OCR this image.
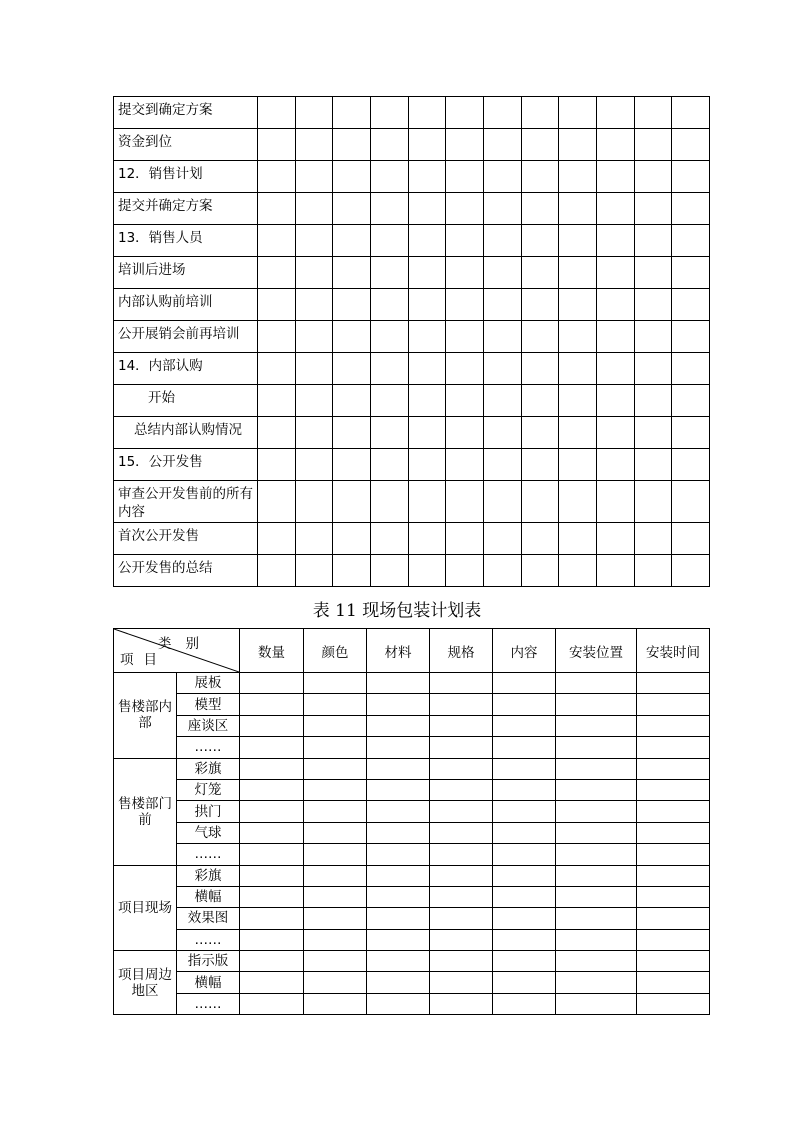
提交到确定方案												
资金到位												
12．销售计划												
提交并确定方案												
13．销售人员												
培训后进场												
内部认购前培训												
公开展销会前再培训												
14．内部认购												
开始												
总结内部认购情况												
15．公开发售												
审查公开发售前的所有内容												
首次公开发售												
公开发售的总结												
表 11 现场包装计划表
类别
项目		数量	颜色	材料	规格	内容	安装位置	安装时间
售楼部内部	展板							
	模型							
	座谈区							
	……							
售楼部门前	彩旗							
	灯笼							
	拱门							
	气球							
	……							
项目现场	彩旗							
	横幅							
	效果图							
	……							
项目周边地区	指示版							
	横幅							
	……							
